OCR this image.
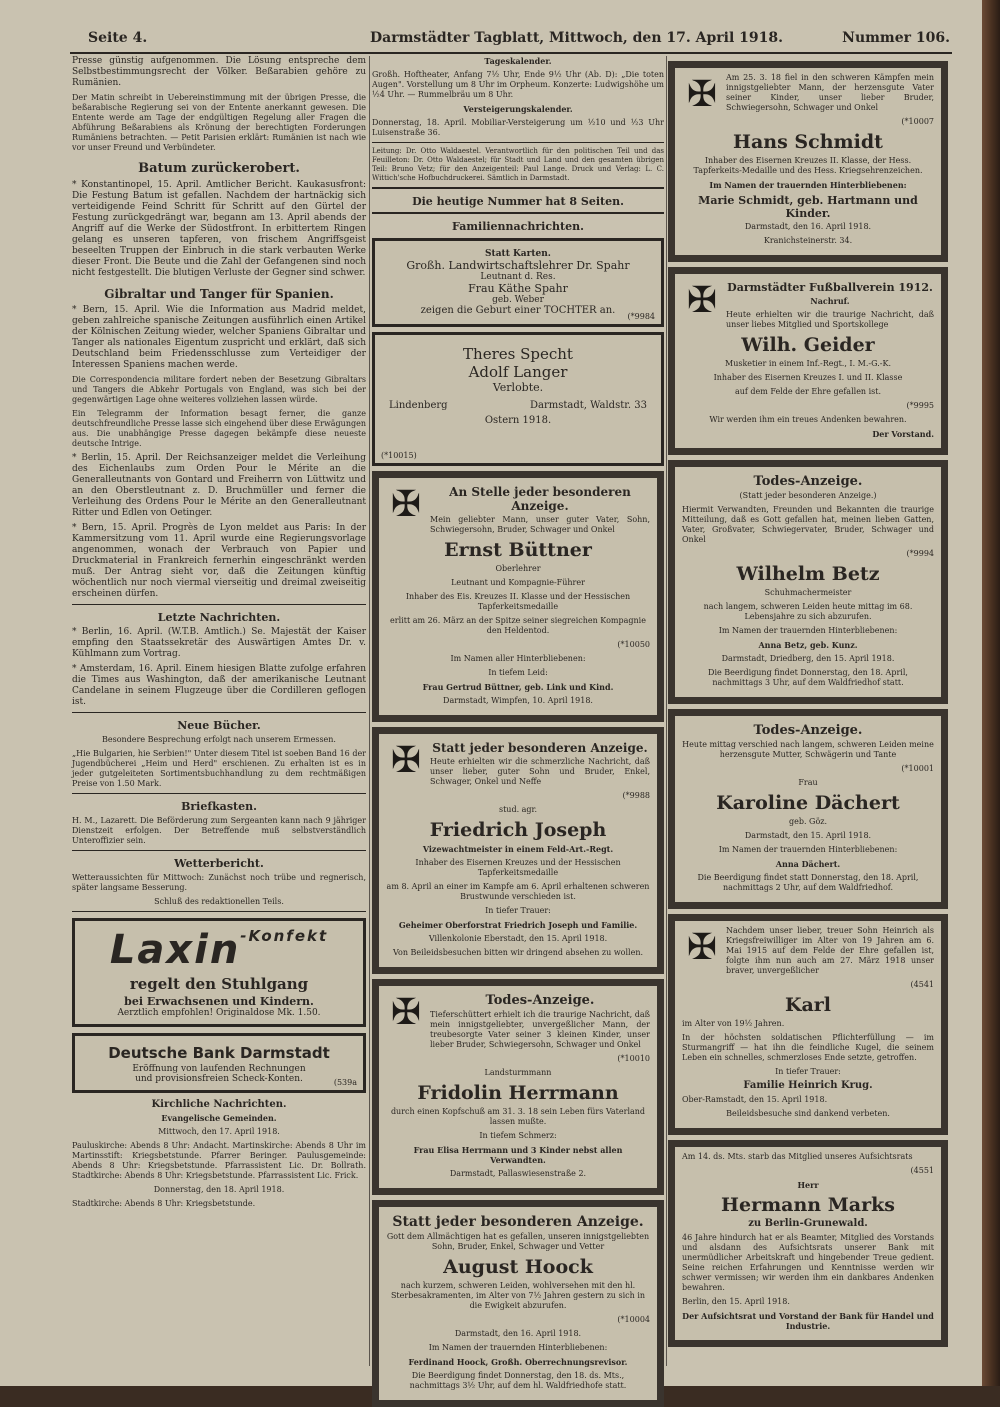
Seite 4.	Darmstädter Tagblatt, Mittwoch, den 17. April 1918.	Nummer 106.

Presse günstig aufgenommen. Die Lösung entspreche dem Selbstbestimmungsrecht der Völker. Beßarabien gehöre zu Rumänien.

Der Matin schreibt in Uebereinstimmung mit der übrigen Presse, die beßarabische Regierung sei von der Entente anerkannt gewesen. Die Entente werde am Tage der endgültigen Regelung aller Fragen die Abführung Beßarabiens als Krönung der berechtigten Forderungen Rumäniens betrachten. — Petit Parisien erklärt: Rumänien ist nach wie vor unser Freund und Verbündeter.

Batum zurückerobert.

* Konstantinopel, 15. April. Amtlicher Bericht. Kaukasusfront: Die Festung Batum ist gefallen. Nachdem der hartnäckig sich verteidigende Feind Schritt für Schritt auf den Gürtel der Festung zurückgedrängt war, begann am 13. April abends der Angriff auf die Werke der Südostfront. In erbittertem Ringen gelang es unseren tapferen, von frischem Angriffsgeist beseelten Truppen der Einbruch in die stark verbauten Werke dieser Front. Die Beute und die Zahl der Gefangenen sind noch nicht festgestellt. Die blutigen Verluste der Gegner sind schwer.

Gibraltar und Tanger für Spanien.

* Bern, 15. April. Wie die Information aus Madrid meldet, geben zahlreiche spanische Zeitungen ausführlich einen Artikel der Kölnischen Zeitung wieder, welcher Spaniens Gibraltar und Tanger als nationales Eigentum zuspricht und erklärt, daß sich Deutschland beim Friedensschlusse zum Verteidiger der Interessen Spaniens machen werde.

Die Correspondencia militare fordert neben der Besetzung Gibraltars und Tangers die Abkehr Portugals von England, was sich bei der gegenwärtigen Lage ohne weiteres vollziehen lassen würde.

Ein Telegramm der Information besagt ferner, die ganze deutschfreundliche Presse lasse sich eingehend über diese Erwägungen aus. Die unabhängige Presse dagegen bekämpfe diese neueste deutsche Intrige.

* Berlin, 15. April. Der Reichsanzeiger meldet die Verleihung des Eichenlaubs zum Orden Pour le Mérite an die Generalleutnants von Gontard und Freiherrn von Lüttwitz und an den Oberstleutnant z. D. Bruchmüller und ferner die Verleihung des Ordens Pour le Mérite an den Generalleutnant Ritter und Edlen von Oetinger.

* Bern, 15. April. Progrès de Lyon meldet aus Paris: In der Kammersitzung vom 11. April wurde eine Regierungsvorlage angenommen, wonach der Verbrauch von Papier und Druckmaterial in Frankreich fernerhin eingeschränkt werden muß. Der Antrag sieht vor, daß die Zeitungen künftig wöchentlich nur noch viermal vierseitig und dreimal zweiseitig erscheinen dürfen.

Letzte Nachrichten.

* Berlin, 16. April. (W.T.B. Amtlich.) Se. Majestät der Kaiser empfing den Staatssekretär des Auswärtigen Amtes Dr. v. Kühlmann zum Vortrag.

* Amsterdam, 16. April. Einem hiesigen Blatte zufolge erfahren die Times aus Washington, daß der amerikanische Leutnant Candelane in seinem Flugzeuge über die Cordilleren geflogen ist.

Neue Bücher.

Besondere Besprechung erfolgt nach unserem Ermessen.

„Hie Bulgarien, hie Serbien!" Unter diesem Titel ist soeben Band 16 der Jugendbücherei „Heim und Herd" erschienen. Zu erhalten ist es in jeder gutgeleiteten Sortimentsbuchhandlung zu dem rechtmäßigen Preise von 1.50 Mark.

Briefkasten.

H. M., Lazarett. Die Beförderung zum Sergeanten kann nach 9 jähriger Dienstzeit erfolgen. Der Betreffende muß selbstverständlich Unteroffizier sein.

Wetterbericht.

Wetteraussichten für Mittwoch: Zunächst noch trübe und regnerisch, später langsame Besserung.

Schluß des redaktionellen Teils.

Laxin$^{-Konfekt}$
regelt den Stuhlgang
bei Erwachsenen und Kindern.
Aerztlich empfohlen! Originaldose Mk. 1.50.
Deutsche Bank Darmstadt
Eröffnung von laufenden Rechnungen
und provisionsfreien Scheck-Konten.	(539a
Kirchliche Nachrichten.

Evangelische Gemeinden.

Mittwoch, den 17. April 1918.

Pauluskirche: Abends 8 Uhr: Andacht. Martinskirche: Abends 8 Uhr im Martinsstift: Kriegsbetstunde. Pfarrer Beringer. Paulusgemeinde: Abends 8 Uhr: Kriegsbetstunde. Pfarrassistent Lic. Dr. Bollrath. Stadtkirche: Abends 8 Uhr: Kriegsbetstunde. Pfarrassistent Lic. Frick.

Donnerstag, den 18. April 1918.

Stadtkirche: Abends 8 Uhr: Kriegsbetstunde.

Tageskalender.

Großh. Hoftheater, Anfang 7½ Uhr, Ende 9½ Uhr (Ab. D): „Die toten Augen". Vorstellung um 8 Uhr im Orpheum. Konzerte: Ludwigshöhe um ½4 Uhr. — Rummelbräu um 8 Uhr.

Versteigerungskalender.

Donnerstag, 18. April. Mobiliar-Versteigerung um ½10 und ½3 Uhr Luisenstraße 36.

Leitung: Dr. Otto Waldaestel. Verantwortlich für den politischen Teil und das Feuilleton: Dr. Otto Waldaestel; für Stadt und Land und den gesamten übrigen Teil: Bruno Vetz; für den Anzeigenteil: Paul Lange. Druck und Verlag: L. C. Wittich'sche Hofbuchdruckerei. Sämtlich in Darmstadt.

Die heutige Nummer hat 8 Seiten.
Familiennachrichten.
Statt Karten.
Großh. Landwirtschaftslehrer Dr. Spahr
Leutnant d. Res.
Frau Käthe Spahr
geb. Weber
zeigen die Geburt einer TOCHTER an.
(*9984
Theres Specht
Adolf Langer
Verlobte.
Lindenberg	Darmstadt, Waldstr. 33
Ostern 1918.
(*10015)
✠	An Stelle jeder besonderen Anzeige.

Mein geliebter Mann, unser guter Vater, Sohn, Schwiegersohn, Bruder, Schwager und Onkel

Ernst Büttner

Oberlehrer

Leutnant und Kompagnie-Führer

Inhaber des Eis. Kreuzes II. Klasse und der Hessischen Tapferkeitsmedaille

erlitt am 26. März an der Spitze seiner siegreichen Kompagnie den Heldentod.

(*10050

Im Namen aller Hinterbliebenen:

In tiefem Leid:

Frau Gertrud Büttner, geb. Link und Kind.

Darmstadt, Wimpfen, 10. April 1918.

✠ Statt jeder besonderen Anzeige.

Heute erhielten wir die schmerzliche Nachricht, daß unser lieber, guter Sohn und Bruder, Enkel, Schwager, Onkel und Neffe

(*9988

stud. agr.

Friedrich Joseph

Vizewachtmeister in einem Feld-Art.-Regt.

Inhaber des Eisernen Kreuzes und der Hessischen Tapferkeitsmedaille

am 8. April an einer im Kampfe am 6. April erhaltenen schweren Brustwunde verschieden ist.

In tiefer Trauer:

Geheimer Oberforstrat Friedrich Joseph und Familie.

Villenkolonie Eberstadt, den 15. April 1918.

Von Beileidsbesuchen bitten wir dringend absehen zu wollen.

✠	Todes-Anzeige.

Tieferschüttert erhielt ich die traurige Nachricht, daß mein innigstgeliebter, unvergeßlicher Mann, der treubesorgte Vater seiner 3 kleinen Kinder, unser lieber Bruder, Schwiegersohn, Schwager und Onkel

(*10010

Landsturmmann

Fridolin Herrmann

durch einen Kopfschuß am 31. 3. 18 sein Leben fürs Vaterland lassen mußte.

In tiefem Schmerz:

Frau Elisa Herrmann und 3 Kinder nebst allen Verwandten.

Darmstadt, Pallaswiesenstraße 2.

Statt jeder besonderen Anzeige.

Gott dem Allmächtigen hat es gefallen, unseren innigstgeliebten Sohn, Bruder, Enkel, Schwager und Vetter

August Hoock

nach kurzem, schweren Leiden, wohlversehen mit den hl. Sterbesakramenten, im Alter von 7½ Jahren gestern zu sich in die Ewigkeit abzurufen.

(*10004

Darmstadt, den 16. April 1918.

Im Namen der trauernden Hinterbliebenen:

Ferdinand Hoock, Großh. Oberrechnungsrevisor.

Die Beerdigung findet Donnerstag, den 18. ds. Mts., nachmittags 3½ Uhr, auf dem hl. Waldfriedhofe statt.

✠	Am 25. 3. 18 fiel in den schweren Kämpfen mein innigstgeliebter Mann, der herzensgute Vater seiner Kinder, unser lieber Bruder, Schwiegersohn, Schwager und Onkel

(*10007

Hans Schmidt

Inhaber des Eisernen Kreuzes II. Klasse, der Hess. Tapferkeits-Medaille und des Hess. Kriegsehrenzeichen.

Im Namen der trauernden Hinterbliebenen:

Marie Schmidt, geb. Hartmann und Kinder.

Darmstadt, den 16. April 1918.

Kranichsteinerstr. 34.

✠ Darmstädter Fußballverein 1912.

Nachruf.

Heute erhielten wir die traurige Nachricht, daß unser liebes Mitglied und Sportskollege

Wilh. Geider

Musketier in einem Inf.-Regt., I. M.-G.-K.

Inhaber des Eisernen Kreuzes I. und II. Klasse

auf dem Felde der Ehre gefallen ist.

(*9995

Wir werden ihm ein treues Andenken bewahren.

Der Vorstand.

Todes-Anzeige.

(Statt jeder besonderen Anzeige.)

Hiermit Verwandten, Freunden und Bekannten die traurige Mitteilung, daß es Gott gefallen hat, meinen lieben Gatten, Vater, Großvater, Schwiegervater, Bruder, Schwager und Onkel

(*9994

Wilhelm Betz

Schuhmachermeister

nach langem, schweren Leiden heute mittag im 68. Lebensjahre zu sich abzurufen.

Im Namen der trauernden Hinterbliebenen:

Anna Betz, geb. Kunz.

Darmstadt, Driedberg, den 15. April 1918.

Die Beerdigung findet Donnerstag, den 18. April, nachmittags 3 Uhr, auf dem Waldfriedhof statt.

Todes-Anzeige.

Heute mittag verschied nach langem, schweren Leiden meine herzensgute Mutter, Schwägerin und Tante

(*10001

Frau

Karoline Dächert

geb. Göz.

Darmstadt, den 15. April 1918.

Im Namen der trauernden Hinterbliebenen:

Anna Dächert.

Die Beerdigung findet statt Donnerstag, den 18. April, nachmittags 2 Uhr, auf dem Waldfriedhof.

✠	Nachdem unser lieber, treuer Sohn Heinrich als Kriegsfreiwilliger im Alter von 19 Jahren am 6. Mai 1915 auf dem Felde der Ehre gefallen ist, folgte ihm nun auch am 27. März 1918 unser braver, unvergeßlicher

(4541

Karl

im Alter von 19½ Jahren.

In der höchsten soldatischen Pflichterfüllung — im Sturmangriff — hat ihn die feindliche Kugel, die seinem Leben ein schnelles, schmerzloses Ende setzte, getroffen.

In tiefer Trauer:

Familie Heinrich Krug.

Ober-Ramstadt, den 15. April 1918.

Beileidsbesuche sind dankend verbeten.

Am 14. ds. Mts. starb das Mitglied unseres Aufsichtsrats

(4551

Herr

Hermann Marks

zu Berlin-Grunewald.

46 Jahre hindurch hat er als Beamter, Mitglied des Vorstands und alsdann des Aufsichtsrats unserer Bank mit unermüdlicher Arbeitskraft und hingebender Treue gedient. Seine reichen Erfahrungen und Kenntnisse werden wir schwer vermissen; wir werden ihm ein dankbares Andenken bewahren.

Berlin, den 15. April 1918.

Der Aufsichtsrat und Vorstand der Bank für Handel und Industrie.
